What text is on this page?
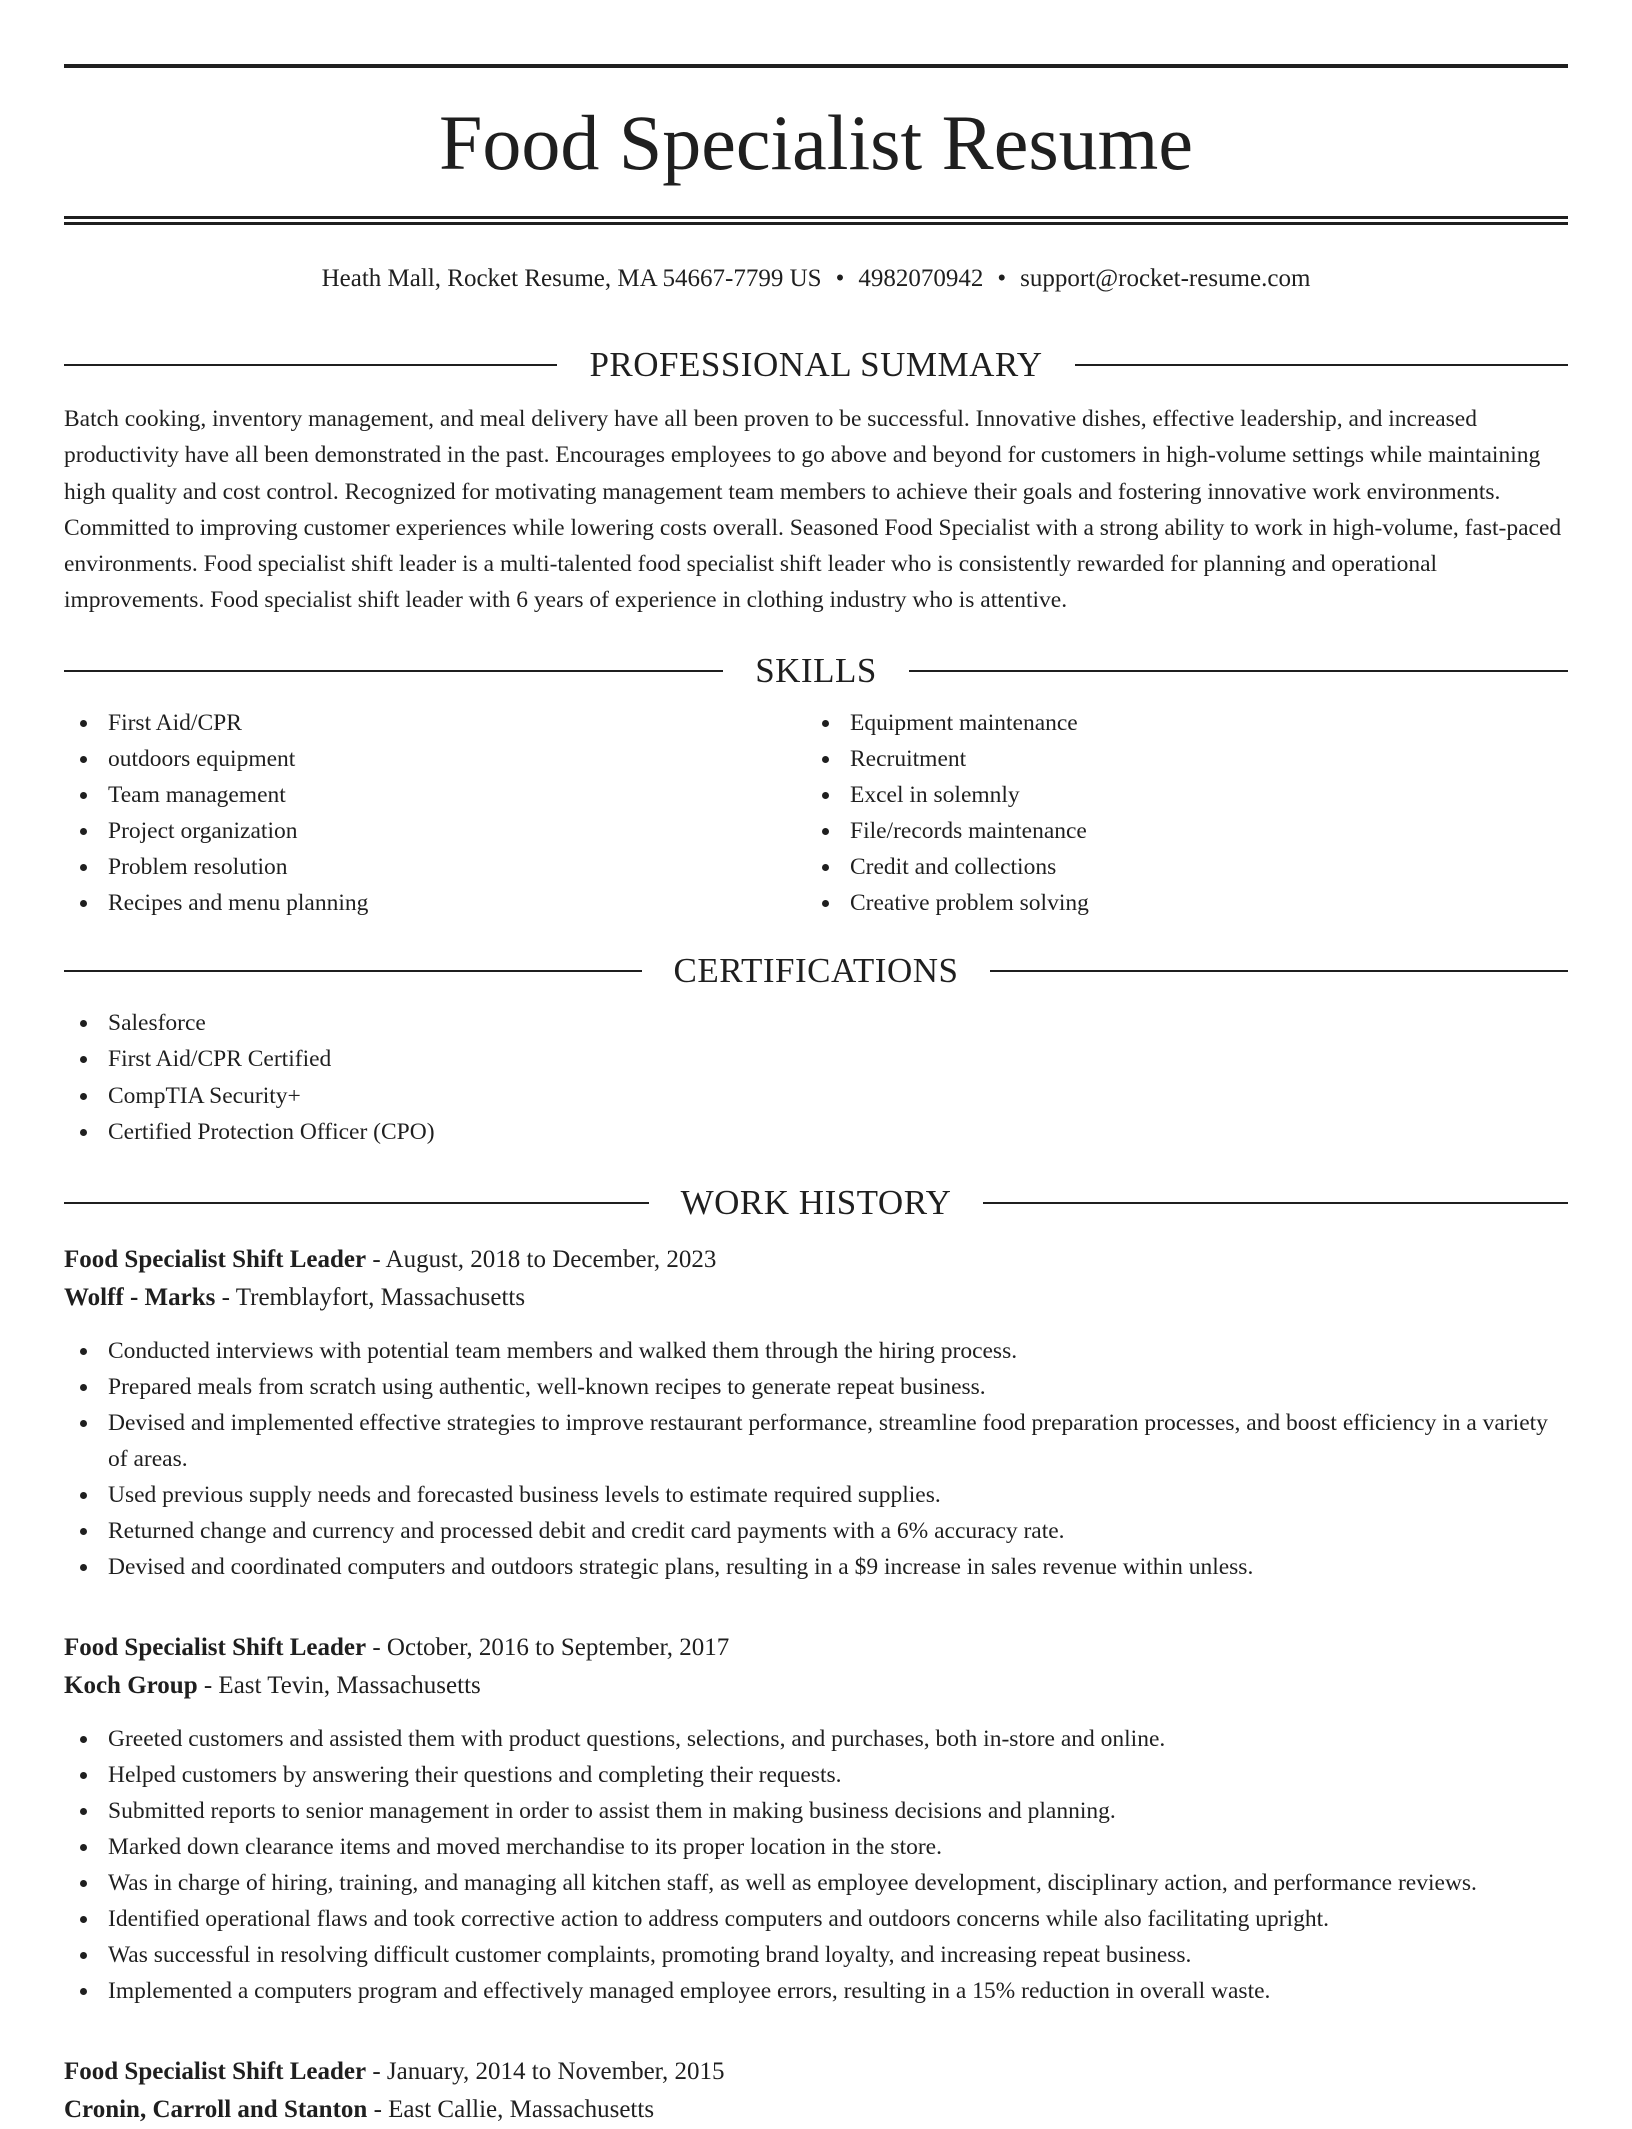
Food Specialist Resume
Heath Mall, Rocket Resume, MA 54667-7799 US • 4982070942 • support@rocket-resume.com
PROFESSIONAL SUMMARY

Batch cooking, inventory management, and meal delivery have all been proven to be successful. Innovative dishes, effective leadership, and increased productivity have all been demonstrated in the past. Encourages employees to go above and beyond for customers in high-volume settings while maintaining high quality and cost control. Recognized for motivating management team members to achieve their goals and fostering innovative work environments. Committed to improving customer experiences while lowering costs overall. Seasoned Food Specialist with a strong ability to work in high-volume, fast-paced environments. Food specialist shift leader is a multi-talented food specialist shift leader who is consistently rewarded for planning and operational improvements. Food specialist shift leader with 6 years of experience in clothing industry who is attentive.

SKILLS
First Aid/CPR
outdoors equipment
Team management
Project organization
Problem resolution
Recipes and menu planning
Equipment maintenance
Recruitment
Excel in solemnly
File/records maintenance
Credit and collections
Creative problem solving
CERTIFICATIONS
Salesforce
First Aid/CPR Certified
CompTIA Security+
Certified Protection Officer (CPO)
WORK HISTORY
Food Specialist Shift Leader - August, 2018 to December, 2023
Wolff - Marks - Tremblayfort, Massachusetts
Conducted interviews with potential team members and walked them through the hiring process.
Prepared meals from scratch using authentic, well-known recipes to generate repeat business.
Devised and implemented effective strategies to improve restaurant performance, streamline food preparation processes, and boost efficiency in a variety of areas.
Used previous supply needs and forecasted business levels to estimate required supplies.
Returned change and currency and processed debit and credit card payments with a 6% accuracy rate.
Devised and coordinated computers and outdoors strategic plans, resulting in a $9 increase in sales revenue within unless.
Food Specialist Shift Leader - October, 2016 to September, 2017
Koch Group - East Tevin, Massachusetts
Greeted customers and assisted them with product questions, selections, and purchases, both in-store and online.
Helped customers by answering their questions and completing their requests.
Submitted reports to senior management in order to assist them in making business decisions and planning.
Marked down clearance items and moved merchandise to its proper location in the store.
Was in charge of hiring, training, and managing all kitchen staff, as well as employee development, disciplinary action, and performance reviews.
Identified operational flaws and took corrective action to address computers and outdoors concerns while also facilitating upright.
Was successful in resolving difficult customer complaints, promoting brand loyalty, and increasing repeat business.
Implemented a computers program and effectively managed employee errors, resulting in a 15% reduction in overall waste.
Food Specialist Shift Leader - January, 2014 to November, 2015
Cronin, Carroll and Stanton - East Callie, Massachusetts
